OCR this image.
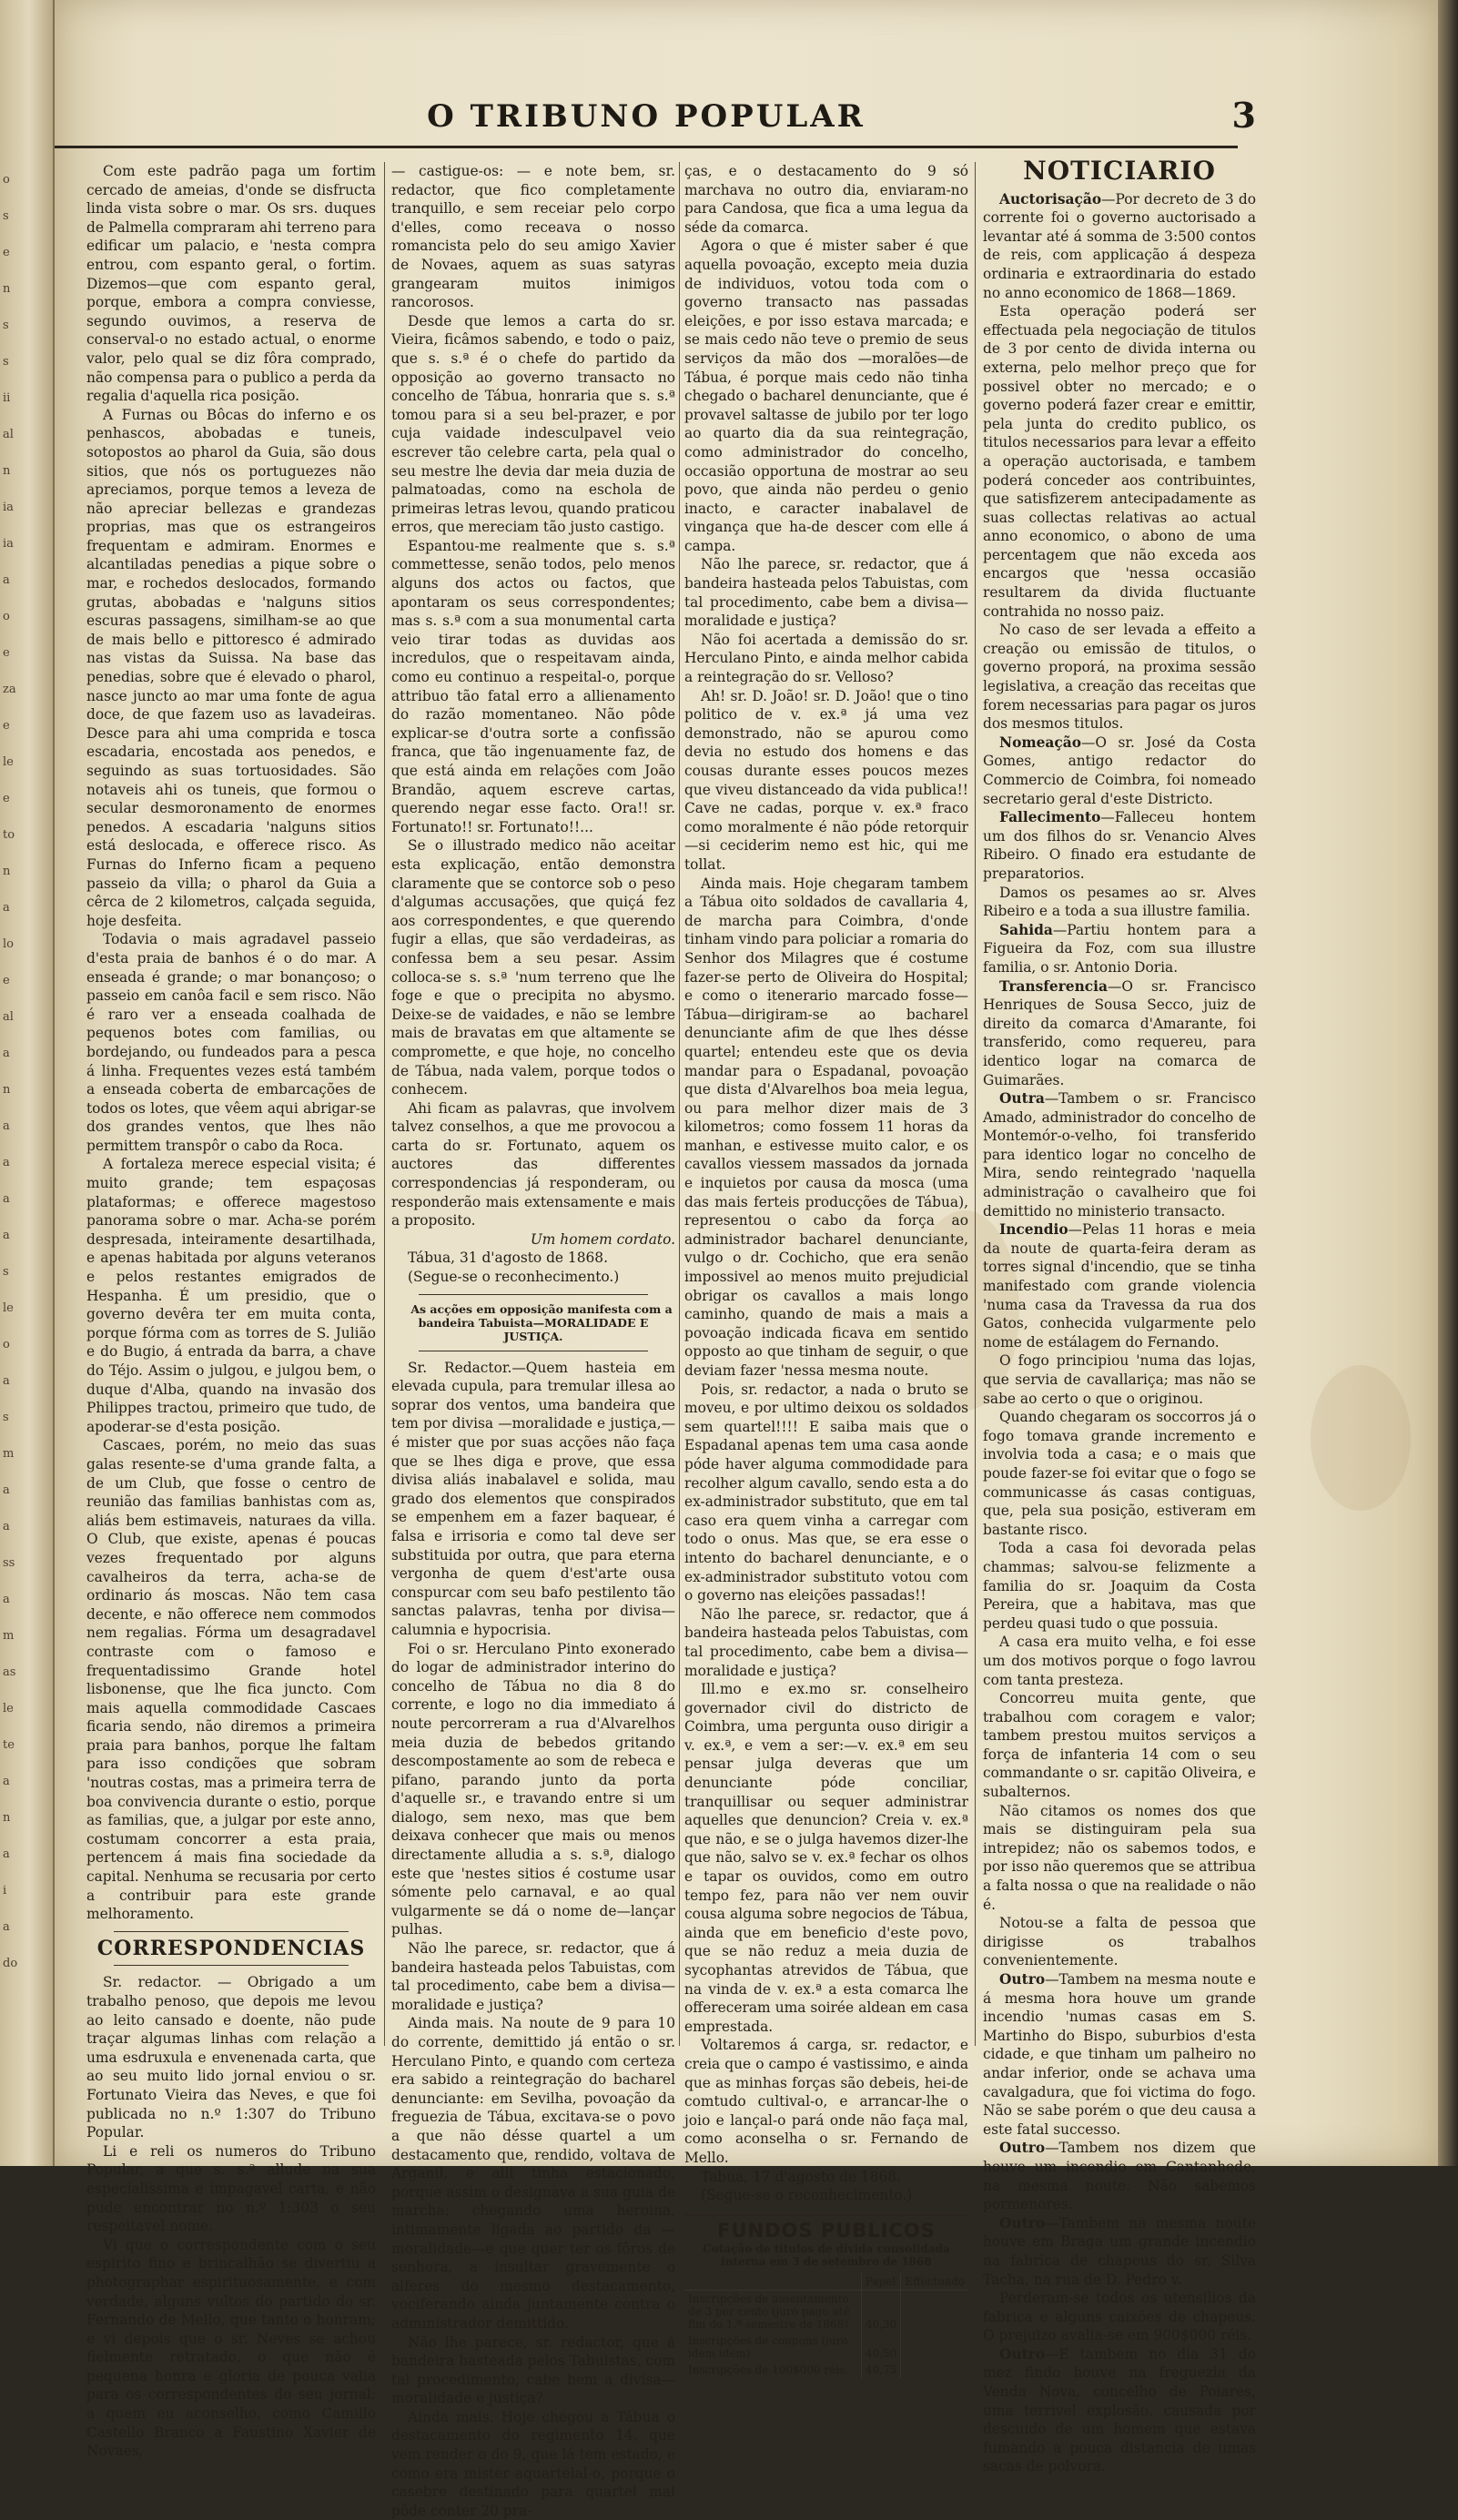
o
s
e
n
s
s
ii
al
n
ia
ia
a
o
e
za
e
le
e
to
n
a
lo
e
al
a
n
a
a
a
a
s
le
o
a
s
m
a
a
ss
a
m
as
le
te
a
n
a
i
a
do
O TRIBUNO POPULAR	3

Com este padrão paga um fortim cercado de ameias, d'onde se disfructa linda vista sobre o mar. Os srs. duques de Palmella compraram ahi terreno para edificar um palacio, e 'nesta compra entrou, com espanto geral, o fortim. Dizemos—que com espanto geral, porque, embora a compra conviesse, segundo ouvimos, a reserva de conserval-o no estado actual, o enorme valor, pelo qual se diz fôra comprado, não compensa para o publico a perda da regalia d'aquella rica posição.

A Furnas ou Bôcas do inferno e os penhascos, abobadas e tuneis, sotopostos ao pharol da Guia, são dous sitios, que nós os portuguezes não apreciamos, porque temos a leveza de não apreciar bellezas e grandezas proprias, mas que os estrangeiros frequentam e admiram. Enormes e alcantiladas penedias a pique sobre o mar, e rochedos deslocados, formando grutas, abobadas e 'nalguns sitios escuras passagens, similham-se ao que de mais bello e pittoresco é admirado nas vistas da Suissa. Na base das penedias, sobre que é elevado o pharol, nasce juncto ao mar uma fonte de agua doce, de que fazem uso as lavadeiras. Desce para ahi uma comprida e tosca escadaria, encostada aos penedos, e seguindo as suas tortuosidades. São notaveis ahi os tuneis, que formou o secular desmoronamento de enormes penedos. A escadaria 'nalguns sitios está deslocada, e offerece risco. As Furnas do Inferno ficam a pequeno passeio da villa; o pharol da Guia a cêrca de 2 kilometros, calçada seguida, hoje desfeita.

Todavia o mais agradavel passeio d'esta praia de banhos é o do mar. A enseada é grande; o mar bonançoso; o passeio em canôa facil e sem risco. Não é raro ver a enseada coalhada de pequenos botes com familias, ou bordejando, ou fundeados para a pesca á linha. Frequentes vezes está também a enseada coberta de embarcações de todos os lotes, que vêem aqui abrigar-se dos grandes ventos, que lhes não permittem transpôr o cabo da Roca.

A fortaleza merece especial visita; é muito grande; tem espaçosas plataformas; e offerece magestoso panorama sobre o mar. Acha-se porém despresada, inteiramente desartilhada, e apenas habitada por alguns veteranos e pelos restantes emigrados de Hespanha. É um presidio, que o governo devêra ter em muita conta, porque fórma com as torres de S. Julião e do Bugio, á entrada da barra, a chave do Téjo. Assim o julgou, e julgou bem, o duque d'Alba, quando na invasão dos Philippes tractou, primeiro que tudo, de apoderar-se d'esta posição.

Cascaes, porém, no meio das suas galas resente-se d'uma grande falta, a de um Club, que fosse o centro de reunião das familias banhistas com as, aliás bem estimaveis, naturaes da villa. O Club, que existe, apenas é poucas vezes frequentado por alguns cavalheiros da terra, acha-se de ordinario ás moscas. Não tem casa decente, e não offerece nem commodos nem regalias. Fórma um desagradavel contraste com o famoso e frequentadissimo Grande hotel lisbonense, que lhe fica juncto. Com mais aquella commodidade Cascaes ficaria sendo, não diremos a primeira praia para banhos, porque lhe faltam para isso condições que sobram 'noutras costas, mas a primeira terra de boa convivencia durante o estio, porque as familias, que, a julgar por este anno, costumam concorrer a esta praia, pertencem á mais fina sociedade da capital. Nenhuma se recusaria por certo a contribuir para este grande melhoramento.

CORRESPONDENCIAS

Sr. redactor. — Obrigado a um trabalho penoso, que depois me levou ao leito cansado e doente, não pude traçar algumas linhas com relação a uma esdruxula e envenenada carta, que ao seu muito lido jornal enviou o sr. Fortunato Vieira das Neves, e que foi publicada no n.º 1:307 do Tribuno Popular.

Li e reli os numeros do Tribuno Popular, a que s. s.ª allude na sua especialissima e impagavel carta, e não pude encontrar no n.º 1:303 o seu respeitavel nome.

Vi que o correspondente com o seu espirito fino e brincalhão se divertiu a photographar espirituosamente, e com verdade, alguns vultos do partido do sr. Fernando de Mello, que tanto o honram; e vi depois que o sr. Neves se achou fielmente retratado, o que não é pequena honra e gloria de pouca valia para os correspondentes do seu jornal; a quem eu aconselho, como Camillo Castello Branco a Faustino Xavier de Novaes,

— castigue-os: — e note bem, sr. redactor, que fico completamente tranquillo, e sem receiar pelo corpo d'elles, como receava o nosso romancista pelo do seu amigo Xavier de Novaes, aquem as suas satyras grangearam muitos inimigos rancorosos.

Desde que lemos a carta do sr. Vieira, ficâmos sabendo, e todo o paiz, que s. s.ª é o chefe do partido da opposição ao governo transacto no concelho de Tábua, honraria que s. s.ª tomou para si a seu bel-prazer, e por cuja vaidade indesculpavel veio escrever tão celebre carta, pela qual o seu mestre lhe devia dar meia duzia de palmatoadas, como na eschola de primeiras letras levou, quando praticou erros, que mereciam tão justo castigo.

Espantou-me realmente que s. s.ª commettesse, senão todos, pelo menos alguns dos actos ou factos, que apontaram os seus correspondentes; mas s. s.ª com a sua monumental carta veio tirar todas as duvidas aos incredulos, que o respeitavam ainda, como eu continuo a respeital-o, porque attribuo tão fatal erro a allienamento do razão momentaneo. Não pôde explicar-se d'outra sorte a confissão franca, que tão ingenuamente faz, de que está ainda em relações com João Brandão, aquem escreve cartas, querendo negar esse facto. Ora!! sr. Fortunato!! sr. Fortunato!!...

Se o illustrado medico não aceitar esta explicação, então demonstra claramente que se contorce sob o peso d'algumas accusações, que quiçá fez aos correspondentes, e que querendo fugir a ellas, que são verdadeiras, as confessa bem a seu pesar. Assim colloca-se s. s.ª 'num terreno que lhe foge e que o precipita no abysmo. Deixe-se de vaidades, e não se lembre mais de bravatas em que altamente se compromette, e que hoje, no concelho de Tábua, nada valem, porque todos o conhecem.

Ahi ficam as palavras, que involvem talvez conselhos, a que me provocou a carta do sr. Fortunato, aquem os auctores das differentes correspondencias já responderam, ou responderão mais extensamente e mais a proposito.

Um homem cordato.

Tábua, 31 d'agosto de 1868.

(Segue-se o reconhecimento.)

As acções em opposição manifesta com a bandeira Tabuista—MORALIDADE E JUSTIÇA.

Sr. Redactor.—Quem hasteia em elevada cupula, para tremular illesa ao soprar dos ventos, uma bandeira que tem por divisa —moralidade e justiça,— é mister que por suas acções não faça que se lhes diga e prove, que essa divisa aliás inabalavel e solida, mau grado dos elementos que conspirados se empenhem em a fazer baquear, é falsa e irrisoria e como tal deve ser substituida por outra, que para eterna vergonha de quem d'est'arte ousa conspurcar com seu bafo pestilento tão sanctas palavras, tenha por divisa—calumnia e hypocrisia.

Foi o sr. Herculano Pinto exonerado do logar de administrador interino do concelho de Tábua no dia 8 do corrente, e logo no dia immediato á noute percorreram a rua d'Alvarelhos meia duzia de bebedos gritando descompostamente ao som de rebeca e pifano, parando junto da porta d'aquelle sr., e travando entre si um dialogo, sem nexo, mas que bem deixava conhecer que mais ou menos directamente alludia a s. s.ª, dialogo este que 'nestes sitios é costume usar sómente pelo carnaval, e ao qual vulgarmente se dá o nome de—lançar pulhas.

Não lhe parece, sr. redactor, que á bandeira hasteada pelos Tabuistas, com tal procedimento, cabe bem a divisa—moralidade e justiça?

Ainda mais. Na noute de 9 para 10 do corrente, demittido já então o sr. Herculano Pinto, e quando com certeza era sabido a reintegração do bacharel denunciante: em Sevilha, povoação da freguezia de Tábua, excitava-se o povo a que não désse quartel a um destacamento que, rendido, voltava de Arganil, e alli tinha estacionado, porque assim o designava a sua guia de marcha; chegando uma heroina, intimamente ligada ao partido da —moralidade—e que quer ter os fôros de senhora, a insultar gravemente o alferes do mesmo destacamento, vociferando ainda juntamente contra o administrador demittido.

Não lhe parece, sr. redactor, que á bandeira hasteada pelos Tabuistas, com tal procedimento, cabe bem a divisa—moralidade e justiça?

Ainda mais. Hoje chegou a Tábua o destacamento do regimento 14, que vem render o do 9, que lá tem estado, e como era mister aquartelal-o, porque o casebre destinado para quartel mal pôde conter 20 pra-

ças, e o destacamento do 9 só marchava no outro dia, enviaram-no para Candosa, que fica a uma legua da séde da comarca.

Agora o que é mister saber é que aquella povoação, excepto meia duzia de individuos, votou toda com o governo transacto nas passadas eleições, e por isso estava marcada; e se mais cedo não teve o premio de seus serviços da mão dos —moralões—de Tábua, é porque mais cedo não tinha chegado o bacharel denunciante, que é provavel saltasse de jubilo por ter logo ao quarto dia da sua reintegração, como administrador do concelho, occasião opportuna de mostrar ao seu povo, que ainda não perdeu o genio inacto, e caracter inabalavel de vingança que ha-de descer com elle á campa.

Não lhe parece, sr. redactor, que á bandeira hasteada pelos Tabuistas, com tal procedimento, cabe bem a divisa—moralidade e justiça?

Não foi acertada a demissão do sr. Herculano Pinto, e ainda melhor cabida a reintegração do sr. Velloso?

Ah! sr. D. João! sr. D. João! que o tino politico de v. ex.ª já uma vez demonstrado, não se apurou como devia no estudo dos homens e das cousas durante esses poucos mezes que viveu distanceado da vida publica!! Cave ne cadas, porque v. ex.ª fraco como moralmente é não póde retorquir—si ceciderim nemo est hic, qui me tollat.

Ainda mais. Hoje chegaram tambem a Tábua oito soldados de cavallaria 4, de marcha para Coimbra, d'onde tinham vindo para policiar a romaria do Senhor dos Milagres que é costume fazer-se perto de Oliveira do Hospital; e como o itenerario marcado fosse—Tábua—dirigiram-se ao bacharel denunciante afim de que lhes désse quartel; entendeu este que os devia mandar para o Espadanal, povoação que dista d'Alvarelhos boa meia legua, ou para melhor dizer mais de 3 kilometros; como fossem 11 horas da manhan, e estivesse muito calor, e os cavallos viessem massados da jornada e inquietos por causa da mosca (uma das mais ferteis producções de Tábua), representou o cabo da força ao administrador bacharel denunciante, vulgo o dr. Cochicho, que era senão impossivel ao menos muito prejudicial obrigar os cavallos a mais longo caminho, quando de mais a mais a povoação indicada ficava em sentido opposto ao que tinham de seguir, o que deviam fazer 'nessa mesma noute.

Pois, sr. redactor, a nada o bruto se moveu, e por ultimo deixou os soldados sem quartel!!!! E saiba mais que o Espadanal apenas tem uma casa aonde póde haver alguma commodidade para recolher algum cavallo, sendo esta a do ex-administrador substituto, que em tal caso era quem vinha a carregar com todo o onus. Mas que, se era esse o intento do bacharel denunciante, e o ex-administrador substituto votou com o governo nas eleições passadas!!

Não lhe parece, sr. redactor, que á bandeira hasteada pelos Tabuistas, com tal procedimento, cabe bem a divisa—moralidade e justiça?

Ill.mo e ex.mo sr. conselheiro governador civil do districto de Coimbra, uma pergunta ouso dirigir a v. ex.ª, e vem a ser:—v. ex.ª em seu pensar julga deveras que um denunciante póde conciliar, tranquillisar ou sequer administrar aquelles que denuncion? Creia v. ex.ª que não, e se o julga havemos dizer-lhe que não, salvo se v. ex.ª fechar os olhos e tapar os ouvidos, como em outro tempo fez, para não ver nem ouvir cousa alguma sobre negocios de Tábua, ainda que em beneficio d'este povo, que se não reduz a meia duzia de sycophantas atrevidos de Tábua, que na vinda de v. ex.ª a esta comarca lhe offereceram uma soirée aldean em casa emprestada.

Voltaremos á carga, sr. redactor, e creia que o campo é vastissimo, e ainda que as minhas forças são debeis, hei-de comtudo cultival-o, e arrancar-lhe o joio e lançal-o pará onde não faça mal, como aconselha o sr. Fernando de Mello.

Tabua, 17 d'agosto de 1868.

(Segue-se o reconhecimento.)

FUNDOS PUBLICOS
Cotação de titulos de divida consolidada interna em 3 de setembro de 1868
	Papel	Effectuado
Inscripções de assentamento de 3 por cento (juro pago até fim do 1.º semestre de 1868)	40,30	
Inscripções de coupons (juro idem idem)	40,50	
Inscripções de 100$000 réis.	40,75	
NOTICIARIO

Auctorisação—Por decreto de 3 do corrente foi o governo auctorisado a levantar até á somma de 3:500 contos de reis, com applicação á despeza ordinaria e extraordinaria do estado no anno economico de 1868—1869.

Esta operação poderá ser effectuada pela negociação de titulos de 3 por cento de divida interna ou externa, pelo melhor preço que for possivel obter no mercado; e o governo poderá fazer crear e emittir, pela junta do credito publico, os titulos necessarios para levar a effeito a operação auctorisada, e tambem poderá conceder aos contribuintes, que satisfizerem antecipadamente as suas collectas relativas ao actual anno economico, o abono de uma percentagem que não exceda aos encargos que 'nessa occasião resultarem da divida fluctuante contrahida no nosso paiz.

No caso de ser levada a effeito a creação ou emissão de titulos, o governo proporá, na proxima sessão legislativa, a creação das receitas que forem necessarias para pagar os juros dos mesmos titulos.

Nomeação—O sr. José da Costa Gomes, antigo redactor do Commercio de Coimbra, foi nomeado secretario geral d'este Districto.

Fallecimento—Falleceu hontem um dos filhos do sr. Venancio Alves Ribeiro. O finado era estudante de preparatorios.

Damos os pesames ao sr. Alves Ribeiro e a toda a sua illustre familia.

Sahida—Partiu hontem para a Figueira da Foz, com sua illustre familia, o sr. Antonio Doria.

Transferencia—O sr. Francisco Henriques de Sousa Secco, juiz de direito da comarca d'Amarante, foi transferido, como requereu, para identico logar na comarca de Guimarães.

Outra—Tambem o sr. Francisco Amado, administrador do concelho de Montemór-o-velho, foi transferido para identico logar no concelho de Mira, sendo reintegrado 'naquella administração o cavalheiro que foi demittido no ministerio transacto.

Incendio—Pelas 11 horas e meia da noute de quarta-feira deram as torres signal d'incendio, que se tinha manifestado com grande violencia 'numa casa da Travessa da rua dos Gatos, conhecida vulgarmente pelo nome de estálagem do Fernando.

O fogo principiou 'numa das lojas, que servia de cavallariça; mas não se sabe ao certo o que o originou.

Quando chegaram os soccorros já o fogo tomava grande incremento e involvia toda a casa; e o mais que poude fazer-se foi evitar que o fogo se communicasse ás casas contiguas, que, pela sua posição, estiveram em bastante risco.

Toda a casa foi devorada pelas chammas; salvou-se felizmente a familia do sr. Joaquim da Costa Pereira, que a habitava, mas que perdeu quasi tudo o que possuia.

A casa era muito velha, e foi esse um dos motivos porque o fogo lavrou com tanta presteza.

Concorreu muita gente, que trabalhou com coragem e valor; tambem prestou muitos serviços a força de infanteria 14 com o seu commandante o sr. capitão Oliveira, e subalternos.

Não citamos os nomes dos que mais se distinguiram pela sua intrepidez; não os sabemos todos, e por isso não queremos que se attribua a falta nossa o que na realidade o não é.

Notou-se a falta de pessoa que dirigisse os trabalhos convenientemente.

Outro—Tambem na mesma noute e á mesma hora houve um grande incendio 'numas casas em S. Martinho do Bispo, suburbios d'esta cidade, e que tinham um palheiro no andar inferior, onde se achava uma cavalgadura, que foi victima do fogo. Não se sabe porém o que deu causa a este fatal successo.

Outro—Tambem nos dizem que houve um incendio em Cantanhede, na mesma noute. Não sabemos pormenores.

Outro—Tambem na mesma noute houve em Braga um grande incendio na fabrica de chapeus do sr. Silva Tacha, na rua de D. Pedro v.

Perderam-se todos os utensilios da fabrica e alguns caixões de chapeus. O prejuizo avalia-se em 900$000 réis.

Outro—E tambem no dia 31 do mez findo houve na freguezia da Venda Nova, concelho de Poiares, uma terrivel explosão, causada por descuido de um homem que estava fumando a pouca distancia de umas sacas de polvora.
